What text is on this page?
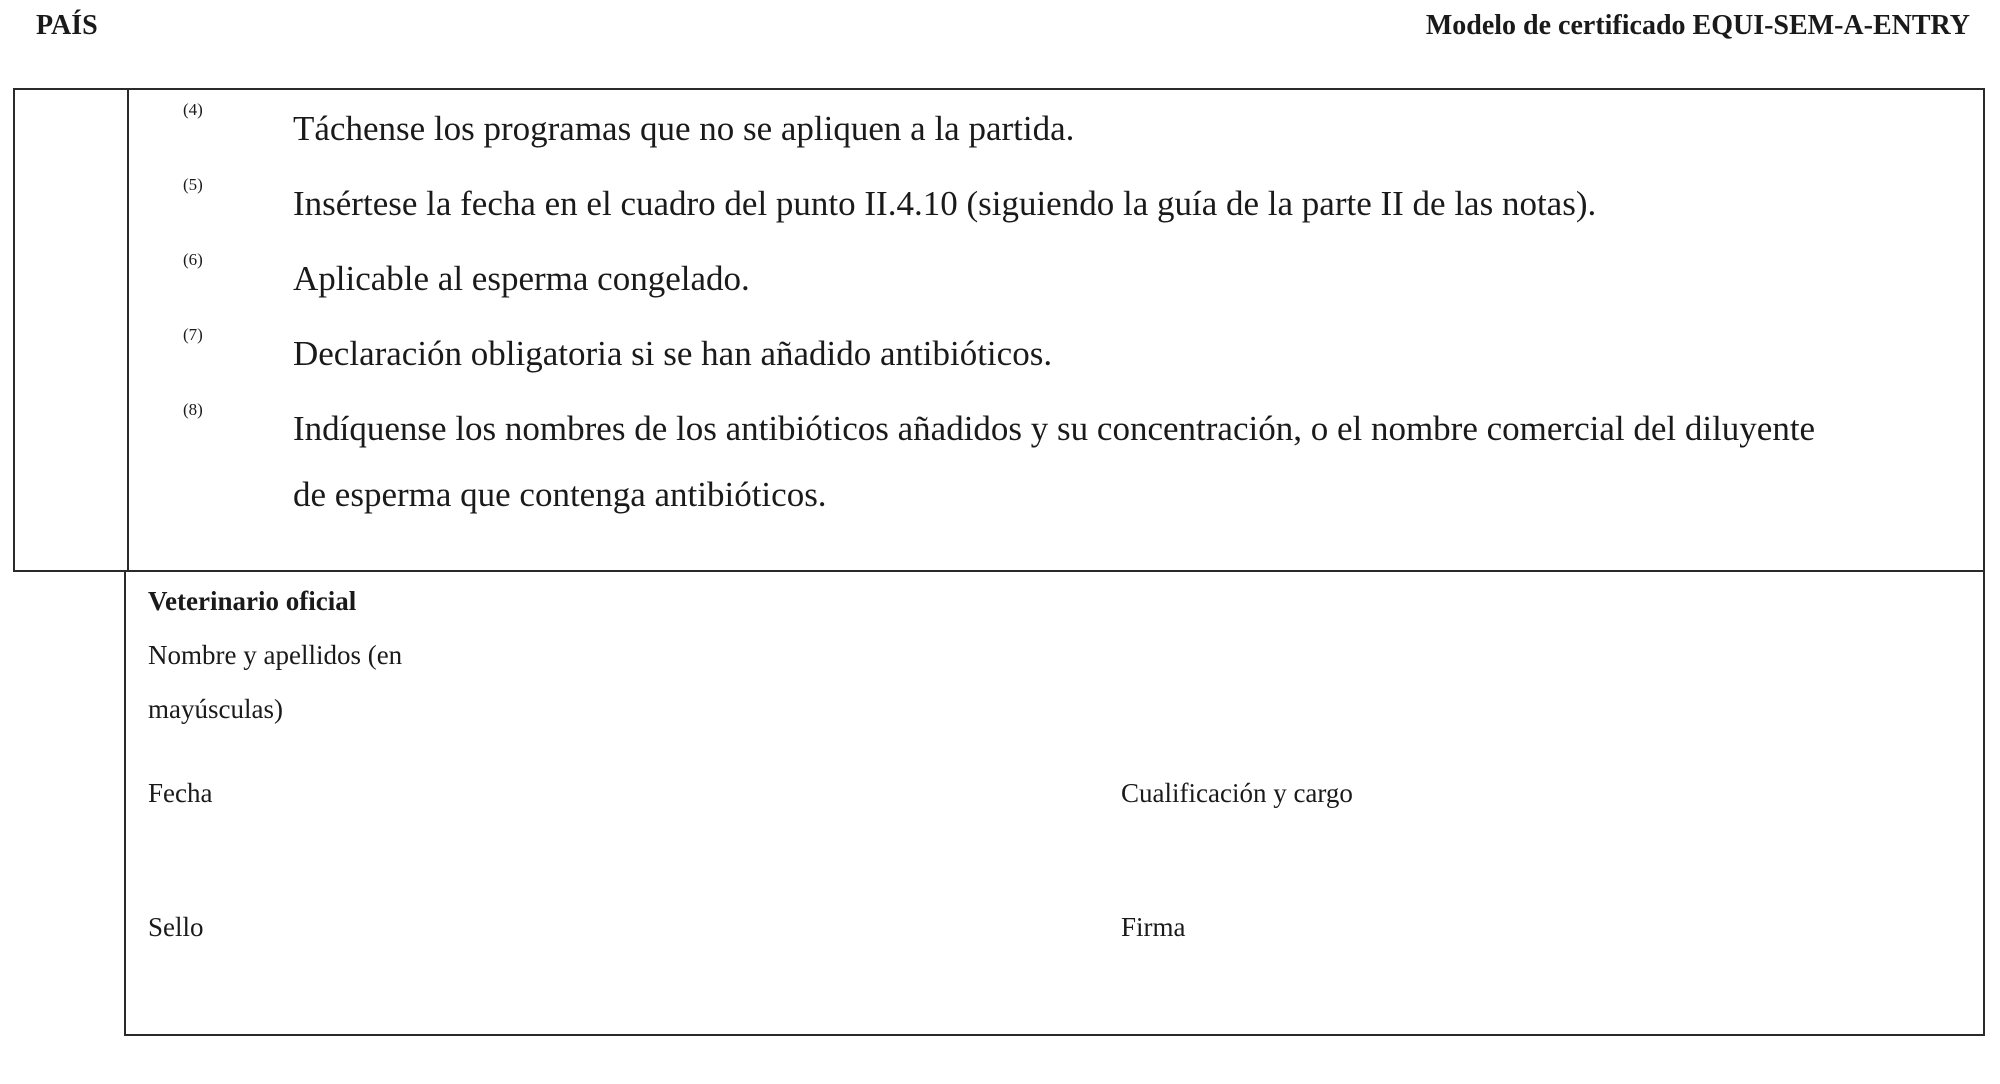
PAÍS	Modelo de certificado EQUI-SEM-A-ENTRY
(4)	Táchense los programas que no se apliquen a la partida.
(5)	Insértese la fecha en el cuadro del punto II.4.10 (siguiendo la guía de la parte II de las notas).
(6)	Aplicable al esperma congelado.
(7)	Declaración obligatoria si se han añadido antibióticos.
(8)	Indíquense los nombres de los antibióticos añadidos y su concentración, o el nombre comercial del diluyente de esperma que contenga antibióticos.
Veterinario oficial
Nombre y apellidos (en mayúsculas)
Fecha	Cualificación y cargo
Sello	Firma
